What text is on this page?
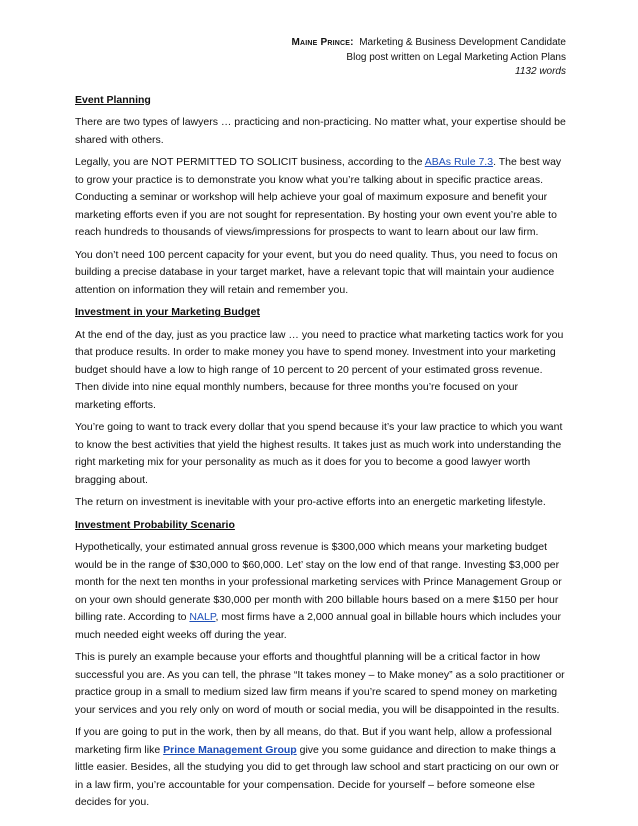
Maine Prince: Marketing & Business Development Candidate
Blog post written on Legal Marketing Action Plans
1132 words
Event Planning

There are two types of lawyers … practicing and non-practicing. No matter what, your expertise should be shared with others.

Legally, you are NOT PERMITTED TO SOLICIT business, according to the ABAs Rule 7.3. The best way to grow your practice is to demonstrate you know what you’re talking about in specific practice areas. Conducting a seminar or workshop will help achieve your goal of maximum exposure and benefit your marketing efforts even if you are not sought for representation. By hosting your own event you’re able to reach hundreds to thousands of views/impressions for prospects to want to learn about our law firm.

You don’t need 100 percent capacity for your event, but you do need quality. Thus, you need to focus on building a precise database in your target market, have a relevant topic that will maintain your audience attention on information they will retain and remember you.

Investment in your Marketing Budget

At the end of the day, just as you practice law … you need to practice what marketing tactics work for you that produce results. In order to make money you have to spend money. Investment into your marketing budget should have a low to high range of 10 percent to 20 percent of your estimated gross revenue. Then divide into nine equal monthly numbers, because for three months you’re focused on your marketing efforts.

You’re going to want to track every dollar that you spend because it’s your law practice to which you want to know the best activities that yield the highest results. It takes just as much work into understanding the right marketing mix for your personality as much as it does for you to become a good lawyer worth bragging about.

The return on investment is inevitable with your pro-active efforts into an energetic marketing lifestyle.

Investment Probability Scenario

Hypothetically, your estimated annual gross revenue is $300,000 which means your marketing budget would be in the range of $30,000 to $60,000. Let’ stay on the low end of that range. Investing $3,000 per month for the next ten months in your professional marketing services with Prince Management Group or on your own should generate $30,000 per month with 200 billable hours based on a mere $150 per hour billing rate. According to NALP, most firms have a 2,000 annual goal in billable hours which includes your much needed eight weeks off during the year.

This is purely an example because your efforts and thoughtful planning will be a critical factor in how successful you are. As you can tell, the phrase “It takes money – to Make money” as a solo practitioner or practice group in a small to medium sized law firm means if you’re scared to spend money on marketing your services and you rely only on word of mouth or social media, you will be disappointed in the results.

If you are going to put in the work, then by all means, do that. But if you want help, allow a professional marketing firm like Prince Management Group give you some guidance and direction to make things a little easier. Besides, all the studying you did to get through law school and start practicing on our own or in a law firm, you’re accountable for your compensation. Decide for yourself – before someone else decides for you.
